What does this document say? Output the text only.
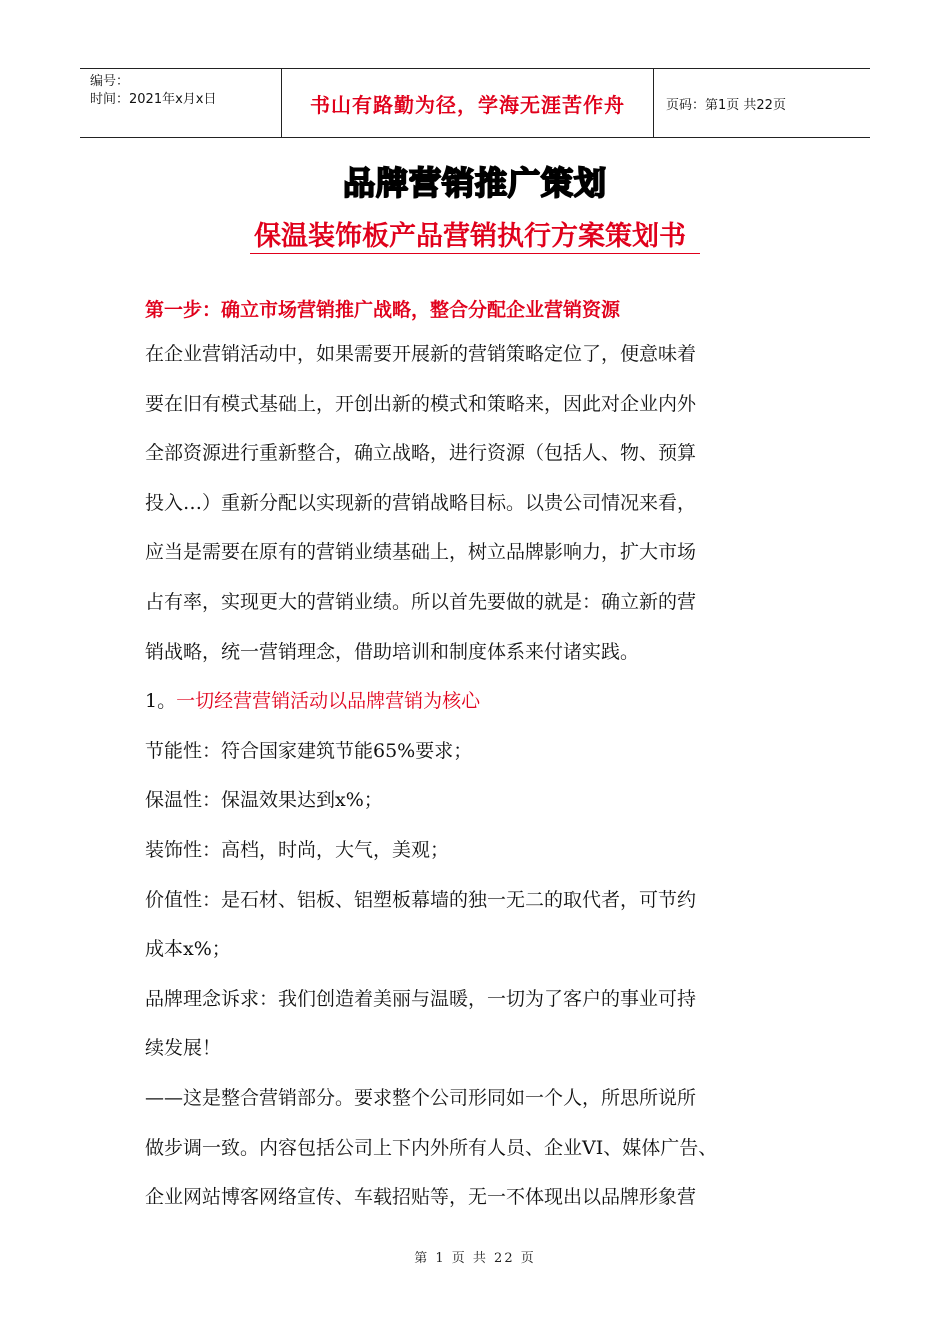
编号：
时间：2021年x月x日	书山有路勤为径，学海无涯苦作舟	页码：第1页 共22页
品牌营销推广策划
保温装饰板产品营销执行方案策划书

第一步：确立市场营销推广战略，整合分配企业营销资源

在企业营销活动中，如果需要开展新的营销策略定位了，便意味着

要在旧有模式基础上，开创出新的模式和策略来，因此对企业内外

全部资源进行重新整合，确立战略，进行资源（包括人、物、预算

投入…）重新分配以实现新的营销战略目标。以贵公司情况来看，

应当是需要在原有的营销业绩基础上，树立品牌影响力，扩大市场

占有率，实现更大的营销业绩。所以首先要做的就是：确立新的营

销战略，统一营销理念，借助培训和制度体系来付诸实践。

1。一切经营营销活动以品牌营销为核心

节能性：符合国家建筑节能65%要求；

保温性：保温效果达到x%；

装饰性：高档，时尚，大气，美观；

价值性：是石材、铝板、铝塑板幕墙的独一无二的取代者，可节约

成本x%；

品牌理念诉求：我们创造着美丽与温暖，一切为了客户的事业可持

续发展！

——这是整合营销部分。要求整个公司形同如一个人，所思所说所

做步调一致。内容包括公司上下内外所有人员、企业VI、媒体广告、

企业网站博客网络宣传、车载招贴等，无一不体现出以品牌形象营

第 1 页 共 22 页
